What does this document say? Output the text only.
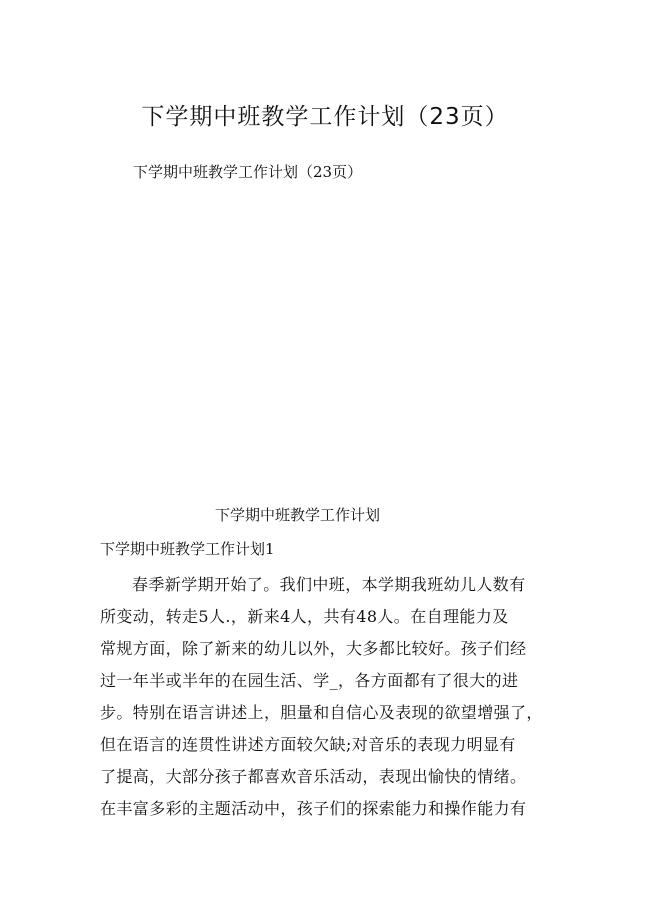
下学期中班教学工作计划（23页）
下学期中班教学工作计划（23页）
下学期中班教学工作计划
下学期中班教学工作计划1
春季新学期开始了。我们中班，本学期我班幼儿人数有
所变动，转走5人.，新来4人，共有48人。在自理能力及
常规方面，除了新来的幼儿以外，大多都比较好。孩子们经
过一年半或半年的在园生活、学_，各方面都有了很大的进
步。特别在语言讲述上，胆量和自信心及表现的欲望增强了，
但在语言的连贯性讲述方面较欠缺;对音乐的表现力明显有
了提高，大部分孩子都喜欢音乐活动，表现出愉快的情绪。
在丰富多彩的主题活动中，孩子们的探索能力和操作能力有
